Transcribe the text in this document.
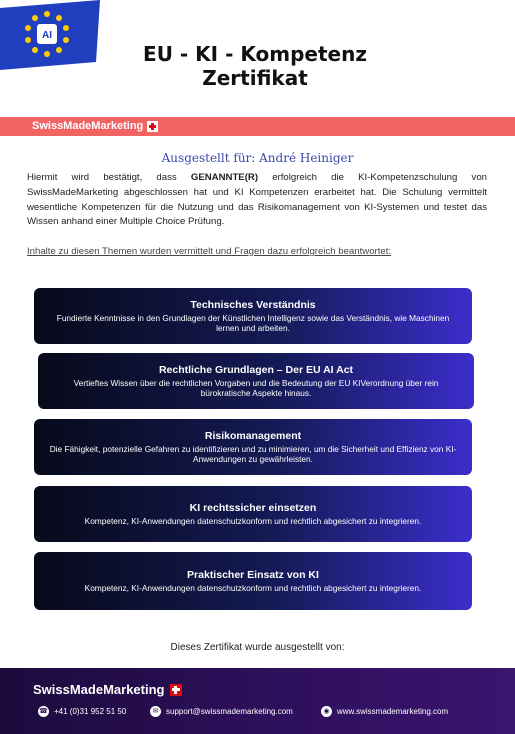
AI
EU - KI - Kompetenz
Zertifikat
SwissMadeMarketing
Ausgestellt für: André Heiniger

Hiermit wird bestätigt, dass GENANNTE(R) erfolgreich die KI-Kompetenzschulung von SwissMadeMarketing abgeschlossen hat und KI Kompetenzen erarbeitet hat. Die Schulung vermittelt wesentliche Kompetenzen für die Nutzung und das Risikomanagement von KI-Systemen und testet das Wissen anhand einer Multiple Choice Prüfung.

Inhalte zu diesen Themen wurden vermittelt und Fragen dazu erfolgreich beantwortet:
Technisches Verständnis
Fundierte Kenntnisse in den Grundlagen der Künstlichen Intelligenz sowie das Verständnis, wie Maschinen lernen und arbeiten.
Rechtliche Grundlagen – Der EU AI Act
Vertieftes Wissen über die rechtlichen Vorgaben und die Bedeutung der EU KIVerordnung über rein bürokratische Aspekte hinaus.
Risikomanagement
Die Fähigkeit, potenzielle Gefahren zu identifizieren und zu minimieren, um die Sicherheit und Effizienz von KI-Anwendungen zu gewährleisten.
KI rechtssicher einsetzen
Kompetenz, KI-Anwendungen datenschutzkonform und rechtlich abgesichert zu integrieren.
Praktischer Einsatz von KI
Kompetenz, KI-Anwendungen datenschutzkonform und rechtlich abgesichert zu integrieren.
Dieses Zertifikat wurde ausgestellt von:
SwissMadeMarketing
☎ +41 (0)31 952 51 50	✉ support@swissmademarketing.com	◉ www.swissmademarketing.com
